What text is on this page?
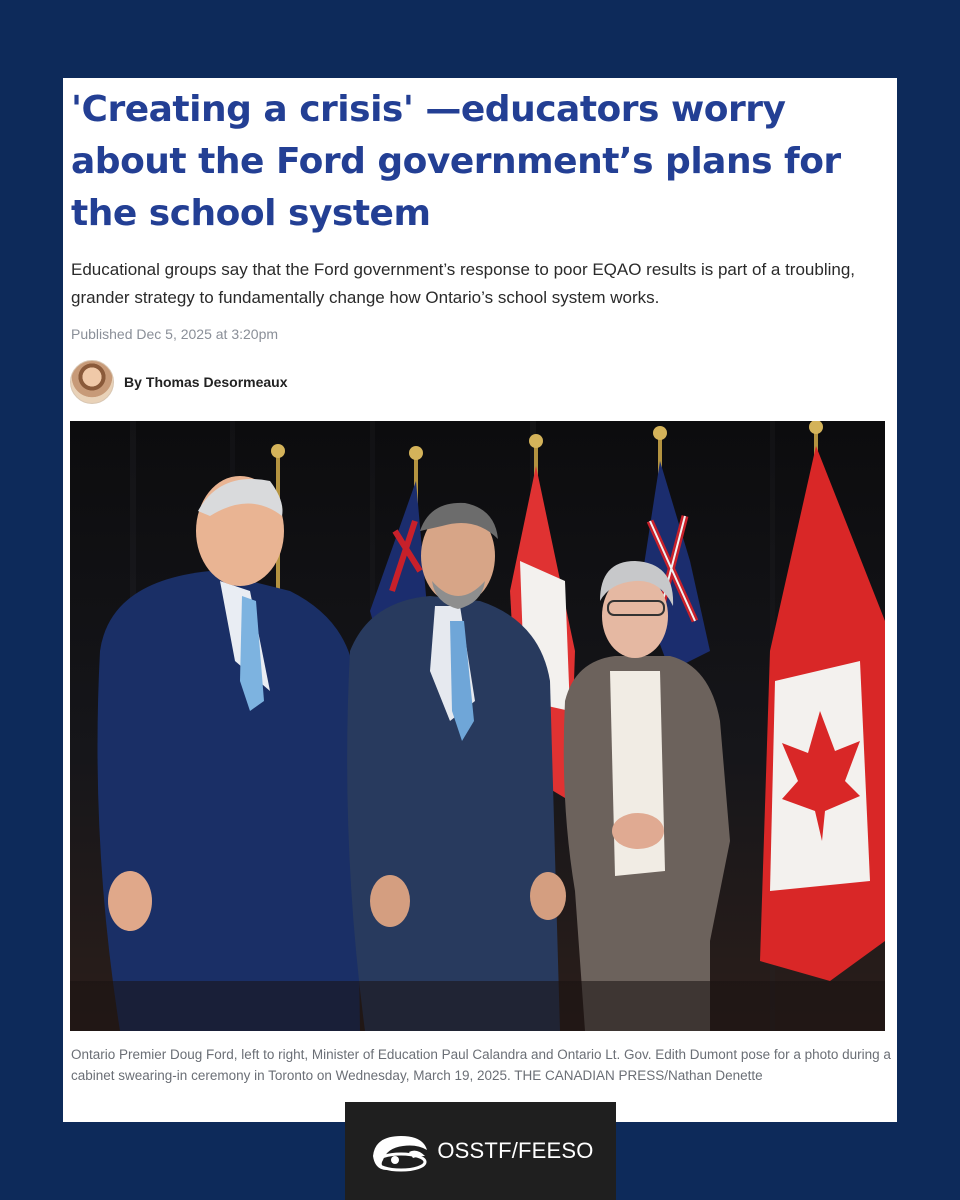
'Creating a crisis' —educators worry about the Ford government’s plans for the school system

Educational groups say that the Ford government’s response to poor EQAO results is part of a troubling, grander strategy to fundamentally change how Ontario’s school system works.

Published Dec 5, 2025 at 3:20pm
By Thomas Desormeaux

Ontario Premier Doug Ford, left to right, Minister of Education Paul Calandra and Ontario Lt. Gov. Edith Dumont pose for a photo during a cabinet swearing-in ceremony in Toronto on Wednesday, March 19, 2025. THE CANADIAN PRESS/Nathan Denette

OSSTF/FEESO
